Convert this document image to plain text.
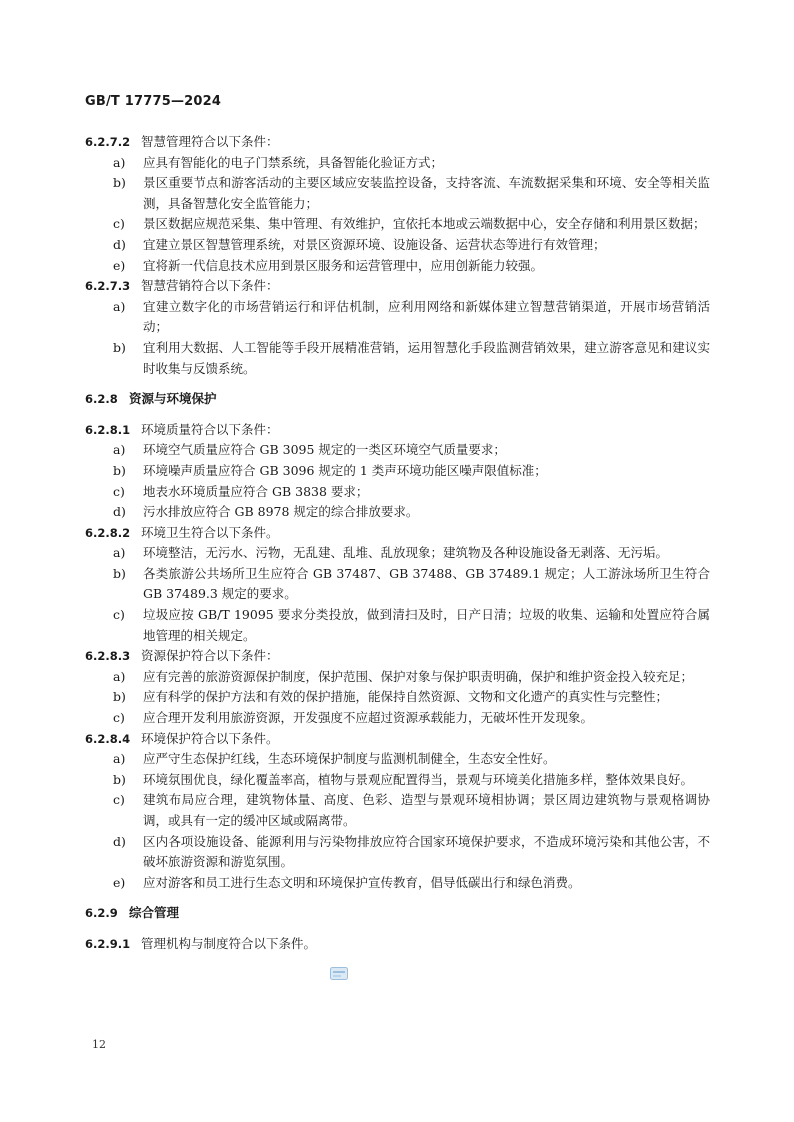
GB/T 17775—2024
6.2.7.2 智慧管理符合以下条件：
a)	应具有智能化的电子门禁系统，具备智能化验证方式；
b)	景区重要节点和游客活动的主要区域应安装监控设备，支持客流、车流数据采集和环境、安全等相关监测，具备智慧化安全监管能力；
c)	景区数据应规范采集、集中管理、有效维护，宜依托本地或云端数据中心，安全存储和利用景区数据；
d)	宜建立景区智慧管理系统，对景区资源环境、设施设备、运营状态等进行有效管理；
e)	宜将新一代信息技术应用到景区服务和运营管理中，应用创新能力较强。
6.2.7.3 智慧营销符合以下条件：
a)	宜建立数字化的市场营销运行和评估机制，应利用网络和新媒体建立智慧营销渠道，开展市场营销活动；
b)	宜利用大数据、人工智能等手段开展精准营销，运用智慧化手段监测营销效果，建立游客意见和建议实时收集与反馈系统。
6.2.8 资源与环境保护
6.2.8.1 环境质量符合以下条件：
a)	环境空气质量应符合 GB 3095 规定的一类区环境空气质量要求；
b)	环境噪声质量应符合 GB 3096 规定的 1 类声环境功能区噪声限值标准；
c)	地表水环境质量应符合 GB 3838 要求；
d)	污水排放应符合 GB 8978 规定的综合排放要求。
6.2.8.2 环境卫生符合以下条件。
a)	环境整洁，无污水、污物，无乱建、乱堆、乱放现象；建筑物及各种设施设备无剥落、无污垢。
b)	各类旅游公共场所卫生应符合 GB 37487、GB 37488、GB 37489.1 规定；人工游泳场所卫生符合 GB 37489.3 规定的要求。
c)	垃圾应按 GB/T 19095 要求分类投放，做到清扫及时，日产日清；垃圾的收集、运输和处置应符合属地管理的相关规定。
6.2.8.3 资源保护符合以下条件：
a)	应有完善的旅游资源保护制度，保护范围、保护对象与保护职责明确，保护和维护资金投入较充足；
b)	应有科学的保护方法和有效的保护措施，能保持自然资源、文物和文化遗产的真实性与完整性；
c)	应合理开发利用旅游资源，开发强度不应超过资源承载能力，无破坏性开发现象。
6.2.8.4 环境保护符合以下条件。
a)	应严守生态保护红线，生态环境保护制度与监测机制健全，生态安全性好。
b)	环境氛围优良，绿化覆盖率高，植物与景观应配置得当，景观与环境美化措施多样，整体效果良好。
c)	建筑布局应合理，建筑物体量、高度、色彩、造型与景观环境相协调；景区周边建筑物与景观格调协调，或具有一定的缓冲区域或隔离带。
d)	区内各项设施设备、能源利用与污染物排放应符合国家环境保护要求，不造成环境污染和其他公害，不破坏旅游资源和游览氛围。
e)	应对游客和员工进行生态文明和环境保护宣传教育，倡导低碳出行和绿色消费。
6.2.9 综合管理
6.2.9.1 管理机构与制度符合以下条件。
12
